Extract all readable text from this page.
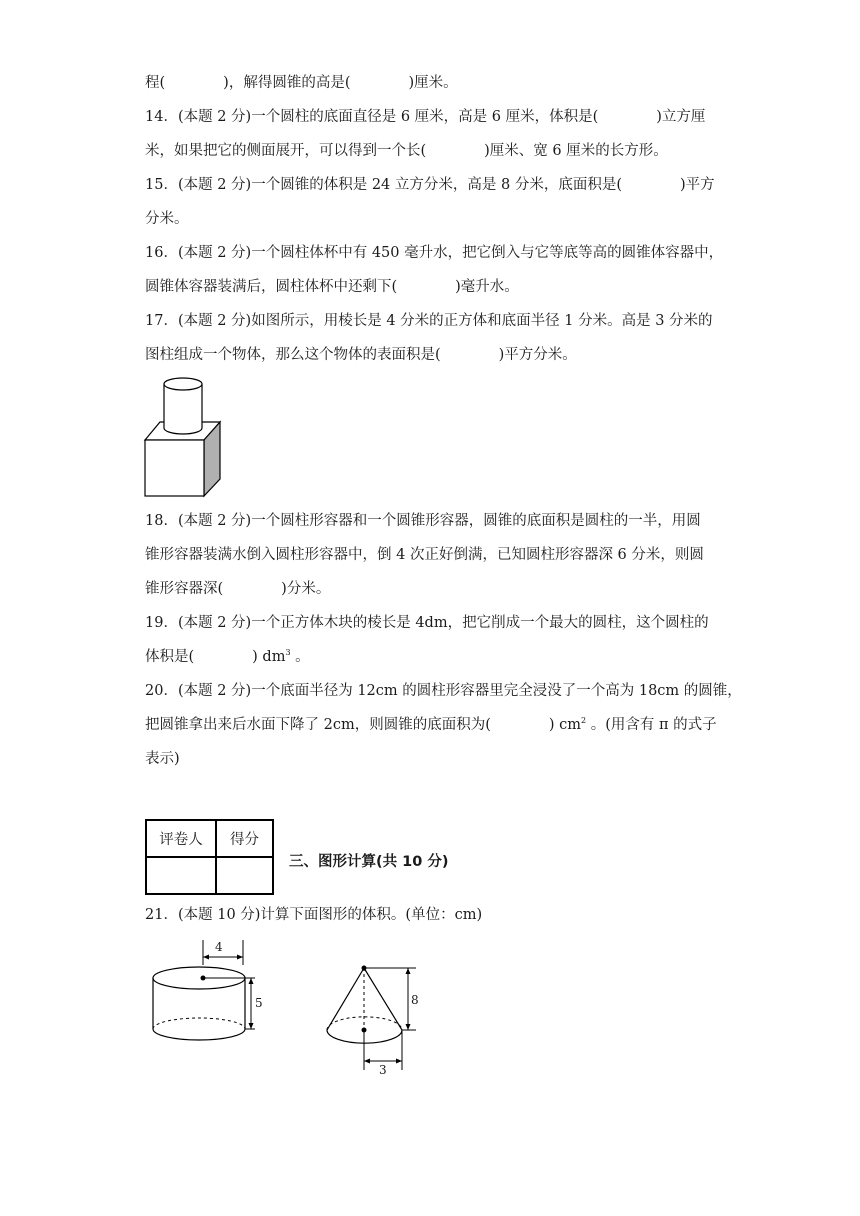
程(　　　　)，解得圆锥的高是(　　　　)厘米。
14．(本题 2 分)一个圆柱的底面直径是 6 厘米，高是 6 厘米，体积是(　　　　)立方厘
米，如果把它的侧面展开，可以得到一个长(　　　　)厘米、宽 6 厘米的长方形。
15．(本题 2 分)一个圆锥的体积是 24 立方分米，高是 8 分米，底面积是(　　　　)平方
分米。
16．(本题 2 分)一个圆柱体杯中有 450 毫升水，把它倒入与它等底等高的圆锥体容器中，
圆锥体容器装满后，圆柱体杯中还剩下(　　　　)毫升水。
17．(本题 2 分)如图所示，用棱长是 4 分米的正方体和底面半径 1 分米。高是 3 分米的
图柱组成一个物体，那么这个物体的表面积是(　　　　)平方分米。
18．(本题 2 分)一个圆柱形容器和一个圆锥形容器，圆锥的底面积是圆柱的一半，用圆
锥形容器装满水倒入圆柱形容器中，倒 4 次正好倒满，已知圆柱形容器深 6 分米，则圆
锥形容器深(　　　　)分米。
19．(本题 2 分)一个正方体木块的棱长是 4dm，把它削成一个最大的圆柱，这个圆柱的
体积是(　　　　) $dm^3$ 。
20．(本题 2 分)一个底面半径为 12cm 的圆柱形容器里完全浸没了一个高为 18cm 的圆锥，
把圆锥拿出来后水面下降了 2cm，则圆锥的底面积为(　　　　) $cm^2$ 。(用含有 π 的式子
表示)
评卷人	得分

三、图形计算(共 10 分)
21．(本题 10 分)计算下面图形的体积。(单位：cm)
4
5	8
3
